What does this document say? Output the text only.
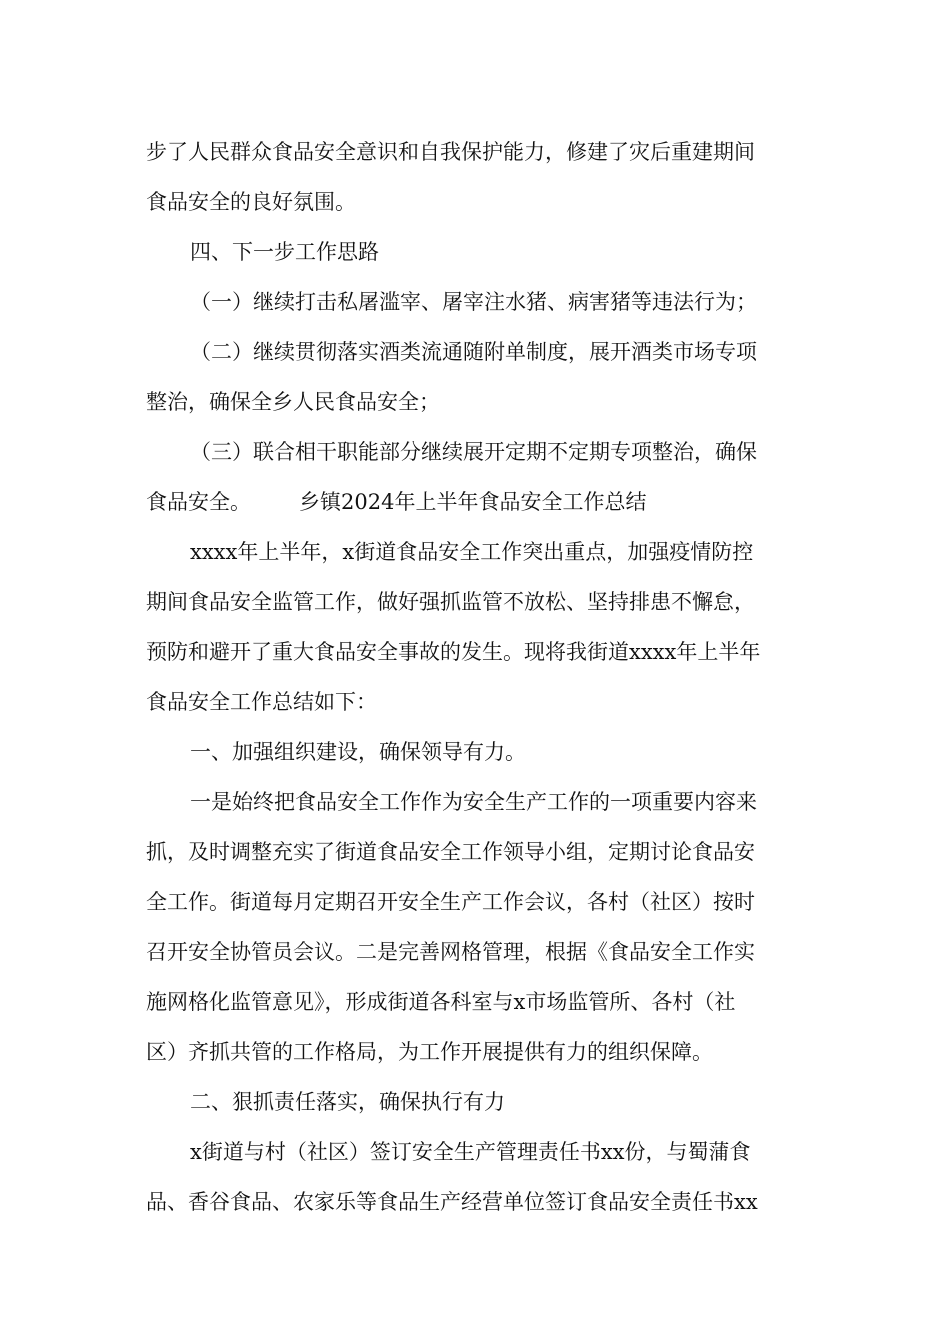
步了人民群众食品安全意识和自我保护能力，修建了灾后重建期间
食品安全的良好氛围。
四、下一步工作思路
（一）继续打击私屠滥宰、屠宰注水猪、病害猪等违法行为；
（二）继续贯彻落实酒类流通随附单制度，展开酒类市场专项
整治，确保全乡人民食品安全；
（三）联合相干职能部分继续展开定期不定期专项整治，确保
食品安全。 乡镇2024年上半年食品安全工作总结
xxxx年上半年，x街道食品安全工作突出重点，加强疫情防控
期间食品安全监管工作，做好强抓监管不放松、坚持排患不懈怠，
预防和避开了重大食品安全事故的发生。现将我街道xxxx年上半年
食品安全工作总结如下：
一、加强组织建设，确保领导有力。
一是始终把食品安全工作作为安全生产工作的一项重要内容来
抓，及时调整充实了街道食品安全工作领导小组，定期讨论食品安
全工作。街道每月定期召开安全生产工作会议，各村（社区）按时
召开安全协管员会议。二是完善网格管理，根据《食品安全工作实
施网格化监管意见》，形成街道各科室与x市场监管所、各村（社
区）齐抓共管的工作格局，为工作开展提供有力的组织保障。
二、狠抓责任落实，确保执行有力
x街道与村（社区）签订安全生产管理责任书xx份，与蜀蒲食
品、香谷食品、农家乐等食品生产经营单位签订食品安全责任书xx
